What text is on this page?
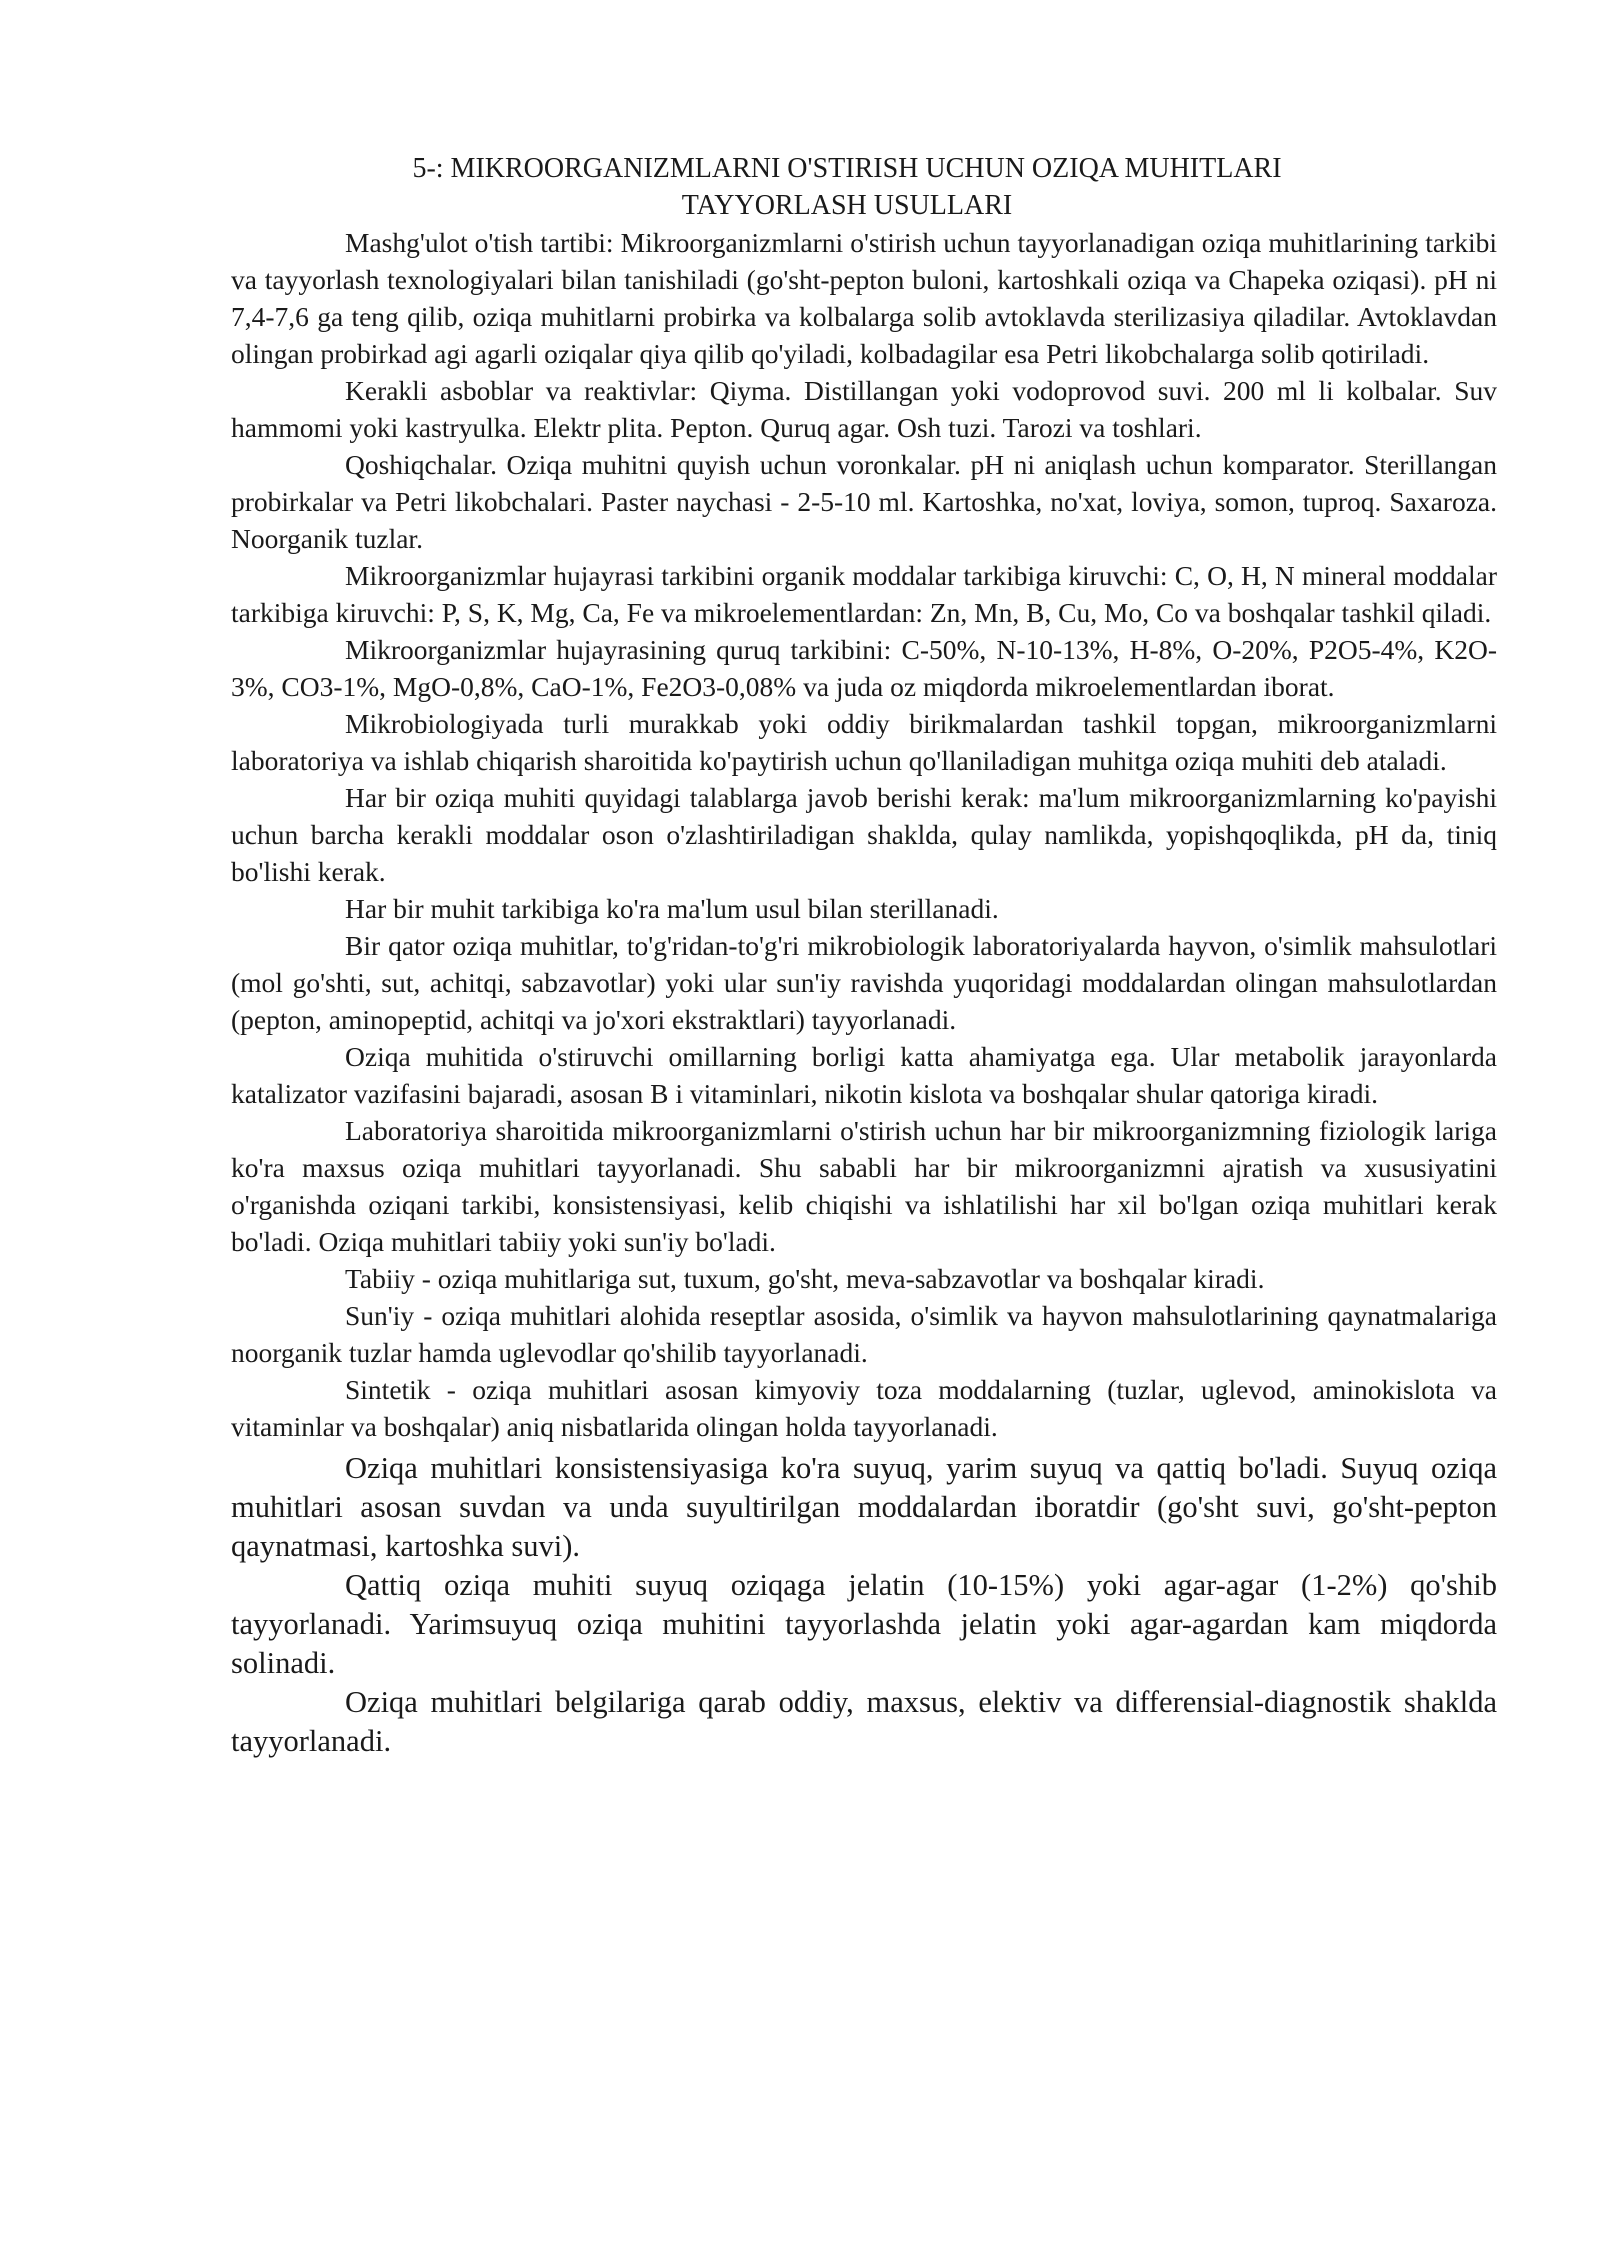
5-: MIKROORGANIZMLARNI O'STIRISH UCHUN OZIQA MUHITLARI
TAYYORLASH USULLARI

Mashg'ulot o'tish tartibi: Mikroorganizmlarni o'stirish uchun tayyorlanadigan oziqa muhitlarining tarkibi va tayyorlash texnologiyalari bilan tanishiladi (go'sht-pepton buloni, kartoshkali oziqa va Chapeka oziqasi). pH ni 7,4-7,6 ga teng qilib, oziqa muhitlarni probirka va kolbalarga solib avtoklavda sterilizasiya qiladilar. Avtoklavdan olingan probirkad agi agarli oziqalar qiya qilib qo'yiladi, kolbadagilar esa Petri likobchalarga solib qotiriladi.

Kerakli asboblar va reaktivlar: Qiyma. Distillangan yoki vodoprovod suvi. 200 ml li kolbalar. Suv hammomi yoki kastryulka. Elektr plita. Pepton. Quruq agar. Osh tuzi. Tarozi va toshlari.

Qoshiqchalar. Oziqa muhitni quyish uchun voronkalar. pH ni aniqlash uchun komparator. Sterillangan probirkalar va Petri likobchalari. Paster naychasi - 2-5-10 ml. Kartoshka, no'xat, loviya, somon, tuproq. Saxaroza. Noorganik tuzlar.

Mikroorganizmlar hujayrasi tarkibini organik moddalar tarkibiga kiruvchi: C, O, H, N mineral moddalar tarkibiga kiruvchi: P, S, K, Mg, Ca, Fe va mikroelementlardan: Zn, Mn, B, Cu, Mo, Co va boshqalar tashkil qiladi.

Mikroorganizmlar hujayrasining quruq tarkibini: C-50%, N-10-13%, H-8%, O-20%, P2O5-4%, K2O-3%, CO3-1%, MgO-0,8%, CaO-1%, Fe2O3-0,08% va juda oz miqdorda mikroelementlardan iborat.

Mikrobiologiyada turli murakkab yoki oddiy birikmalardan tashkil topgan, mikroorganizmlarni laboratoriya va ishlab chiqarish sharoitida ko'paytirish uchun qo'llaniladigan muhitga oziqa muhiti deb ataladi.

Har bir oziqa muhiti quyidagi talablarga javob berishi kerak: ma'lum mikroorganizmlarning ko'payishi uchun barcha kerakli moddalar oson o'zlashtiriladigan shaklda, qulay namlikda, yopishqoqlikda, pH da, tiniq bo'lishi kerak.

Har bir muhit tarkibiga ko'ra ma'lum usul bilan sterillanadi.

Bir qator oziqa muhitlar, to'g'ridan-to'g'ri mikrobiologik laboratoriyalarda hayvon, o'simlik mahsulotlari (mol go'shti, sut, achitqi, sabzavotlar) yoki ular sun'iy ravishda yuqoridagi moddalardan olingan mahsulotlardan (pepton, aminopeptid, achitqi va jo'xori ekstraktlari) tayyorlanadi.

Oziqa muhitida o'stiruvchi omillarning borligi katta ahamiyatga ega. Ular metabolik jarayonlarda katalizator vazifasini bajaradi, asosan B i vitaminlari, nikotin kislota va boshqalar shular qatoriga kiradi.

Laboratoriya sharoitida mikroorganizmlarni o'stirish uchun har bir mikroorganizmning fiziologik lariga ko'ra maxsus oziqa muhitlari tayyorlanadi. Shu sababli har bir mikroorganizmni ajratish va xususiyatini o'rganishda oziqani tarkibi, konsistensiyasi, kelib chiqishi va ishlatilishi har xil bo'lgan oziqa muhitlari kerak bo'ladi. Oziqa muhitlari tabiiy yoki sun'iy bo'ladi.

Tabiiy - oziqa muhitlariga sut, tuxum, go'sht, meva-sabzavotlar va boshqalar kiradi.

Sun'iy - oziqa muhitlari alohida reseptlar asosida, o'simlik va hayvon mahsulotlarining qaynatmalariga noorganik tuzlar hamda uglevodlar qo'shilib tayyorlanadi.

Sintetik - oziqa muhitlari asosan kimyoviy toza moddalarning (tuzlar, uglevod, aminokislota va vitaminlar va boshqalar) aniq nisbatlarida olingan holda tayyorlanadi.

Oziqa muhitlari konsistensiyasiga ko'ra suyuq, yarim suyuq va qattiq bo'ladi. Suyuq oziqa muhitlari asosan suvdan va unda suyultirilgan moddalardan iboratdir (go'sht suvi, go'sht-pepton qaynatmasi, kartoshka suvi).

Qattiq oziqa muhiti suyuq oziqaga jelatin (10-15%) yoki agar-agar (1-2%) qo'shib tayyorlanadi. Yarimsuyuq oziqa muhitini tayyorlashda jelatin yoki agar-agardan kam miqdorda solinadi.

Oziqa muhitlari belgilariga qarab oddiy, maxsus, elektiv va differensial-diagnostik shaklda tayyorlanadi.
